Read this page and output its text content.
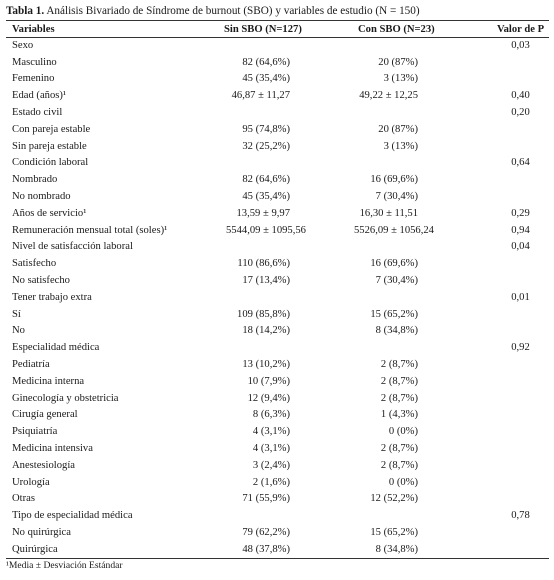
Tabla 1. Análisis Bivariado de Síndrome de burnout (SBO) y variables de estudio (N = 150)
Variables	Sin SBO (N=127)	Con SBO (N=23)	Valor de P
Sexo			0,03
Masculino	82 (64,6%)	20 (87%)	
Femenino	45 (35,4%)	3 (13%)	
Edad (años)¹	46,87 ± 11,27	49,22 ± 12,25	0,40
Estado civil			0,20
Con pareja estable	95 (74,8%)	20 (87%)	
Sin pareja estable	32 (25,2%)	3 (13%)	
Condición laboral			0,64
Nombrado	82 (64,6%)	16 (69,6%)	
No nombrado	45 (35,4%)	7 (30,4%)	
Años de servicio¹	13,59 ± 9,97	16,30 ± 11,51	0,29
Remuneración mensual total (soles)¹	5544,09 ± 1095,56	5526,09 ± 1056,24	0,94
Nivel de satisfacción laboral			0,04
Satisfecho	110 (86,6%)	16 (69,6%)	
No satisfecho	17 (13,4%)	7 (30,4%)	
Tener trabajo extra			0,01
Sí	109 (85,8%)	15 (65,2%)	
No	18 (14,2%)	8 (34,8%)	
Especialidad médica			0,92
Pediatría	13 (10,2%)	2 (8,7%)	
Medicina interna	10 (7,9%)	2 (8,7%)	
Ginecología y obstetricia	12 (9,4%)	2 (8,7%)	
Cirugía general	8 (6,3%)	1 (4,3%)	
Psiquiatría	4 (3,1%)	0 (0%)	
Medicina intensiva	4 (3,1%)	2 (8,7%)	
Anestesiología	3 (2,4%)	2 (8,7%)	
Urología	2 (1,6%)	0 (0%)	
Otras	71 (55,9%)	12 (52,2%)	
Tipo de especialidad médica			0,78
No quirúrgica	79 (62,2%)	15 (65,2%)	
Quirúrgica	48 (37,8%)	8 (34,8%)	
¹Media ± Desviación Estándar
